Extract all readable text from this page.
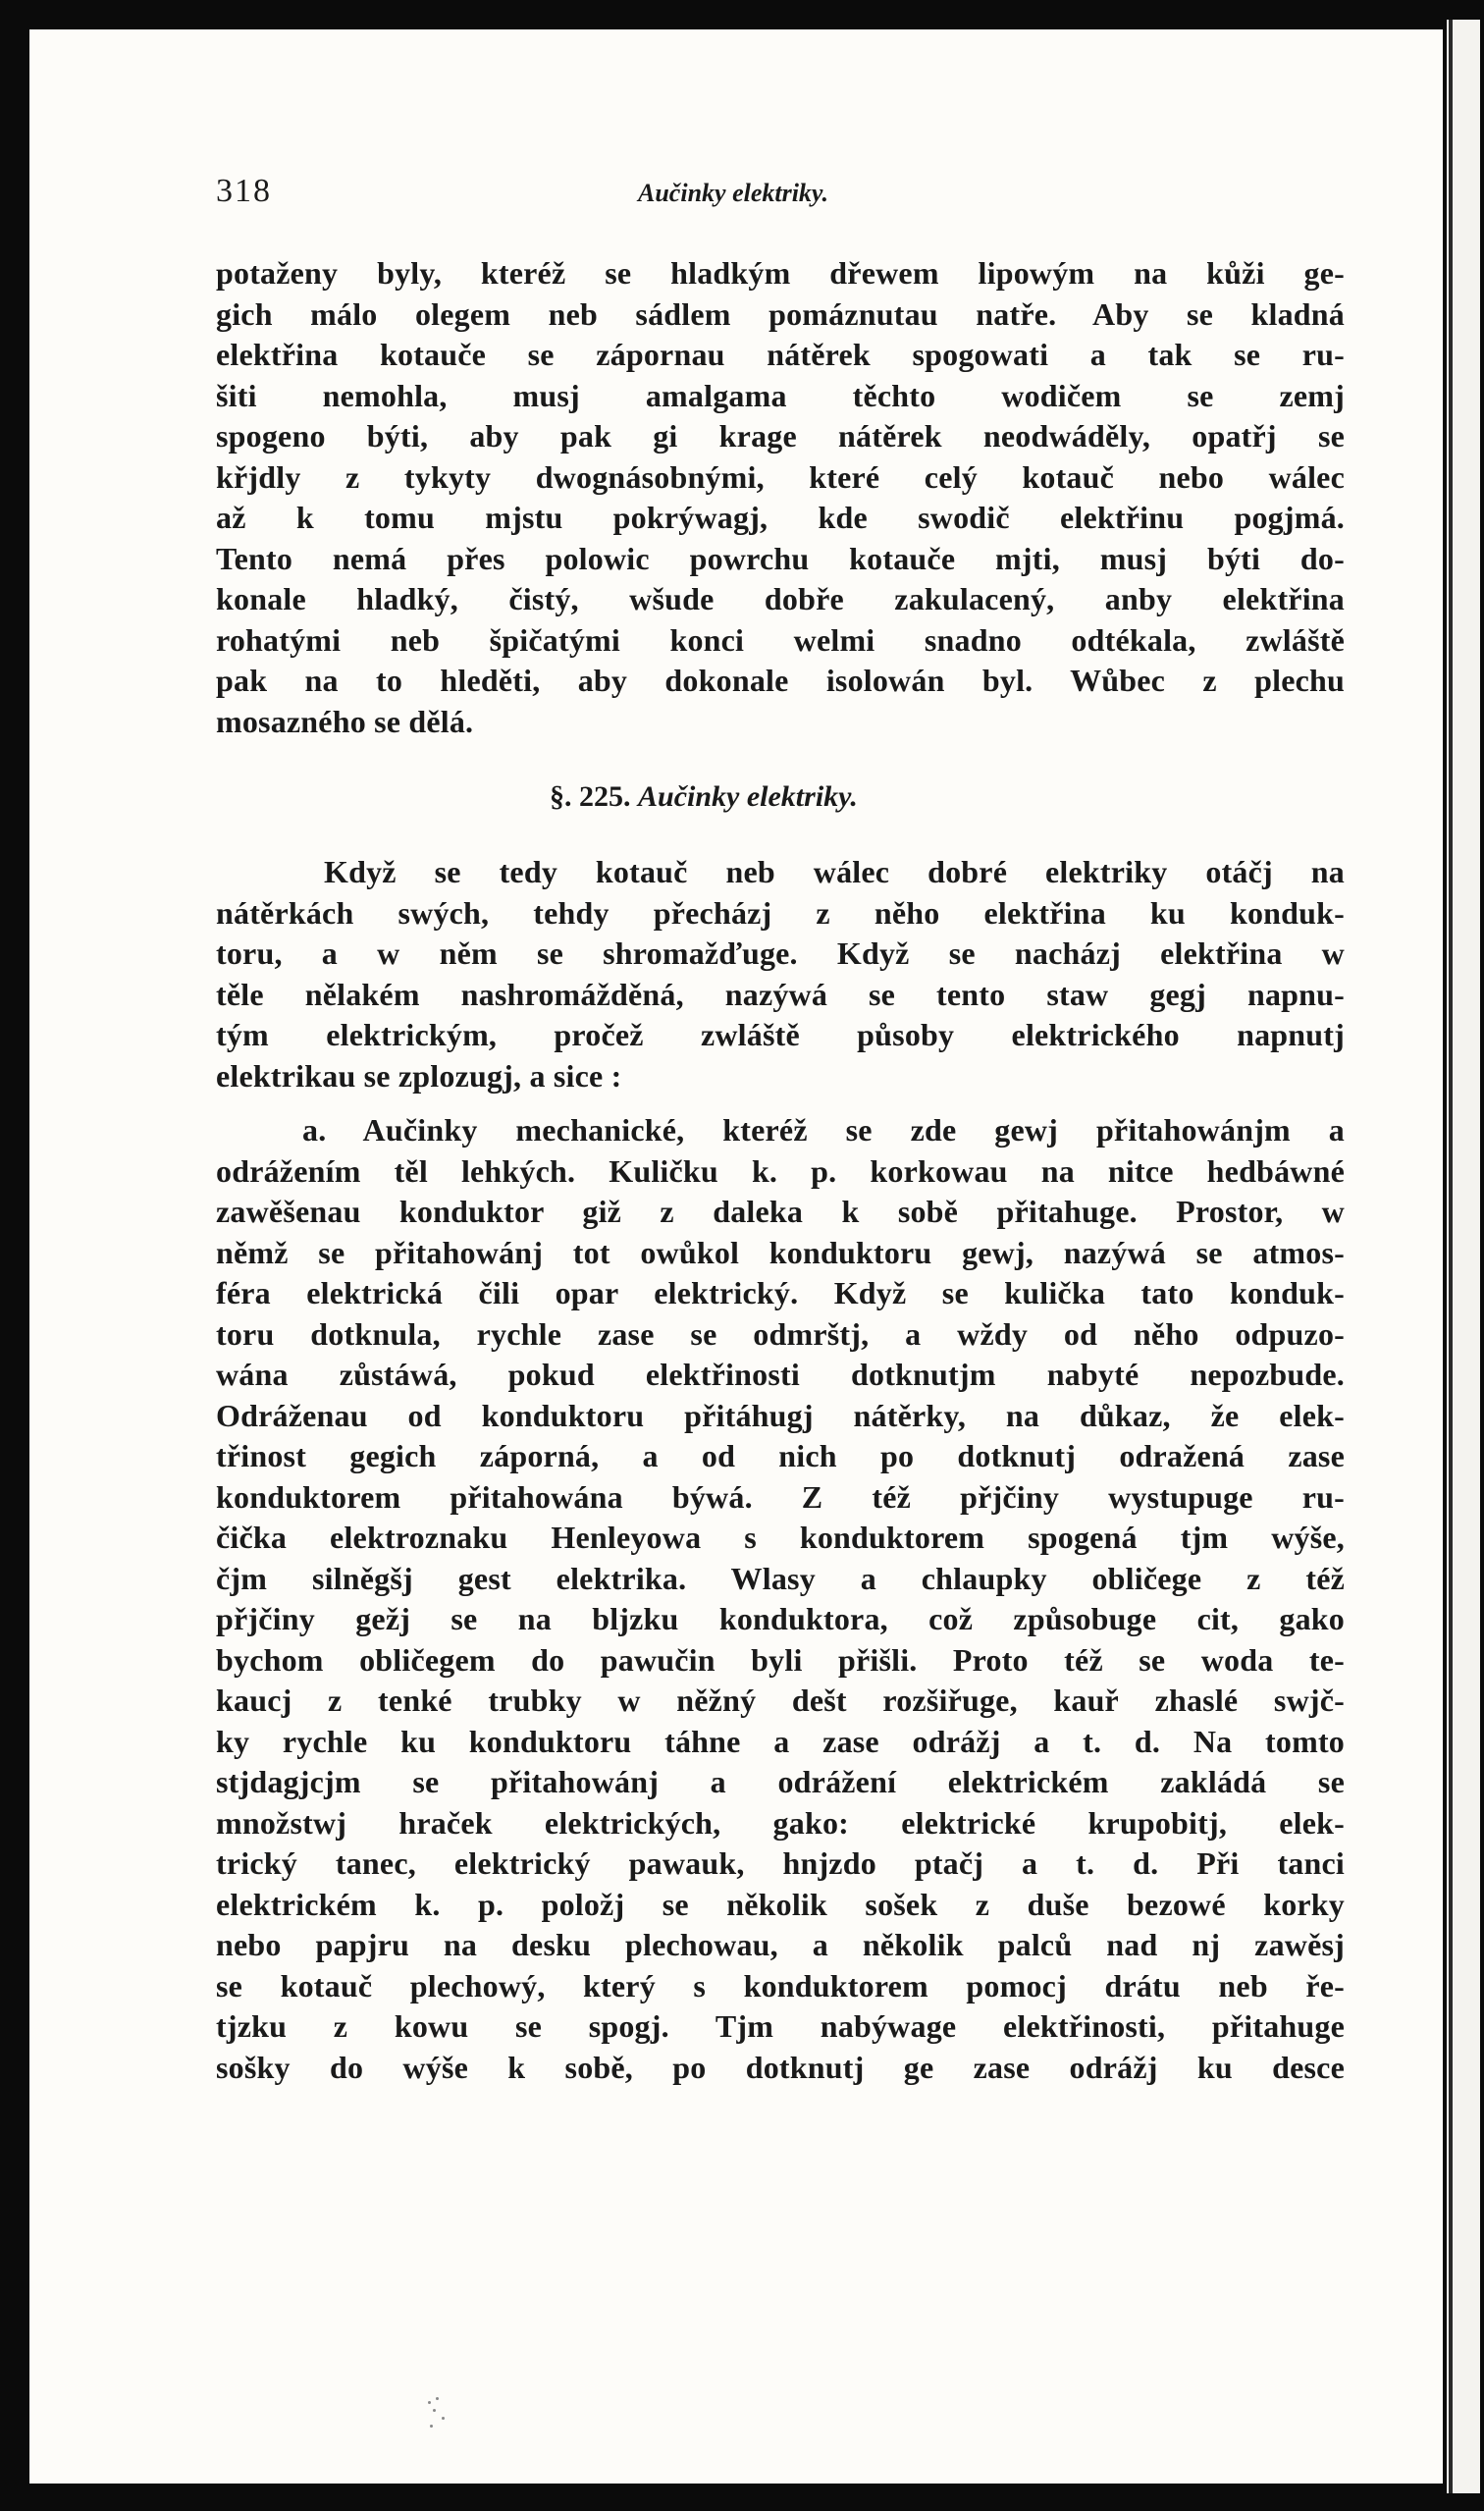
318	Aučinky elektriky.
potaženy byly, kteréž se hladkým dřewem lipowým na kůži ge-
gich málo olegem neb sádlem pomáznutau natře. Aby se kladná
elektřina kotauče se zápornau nátěrek spogowati a tak se ru-
šiti nemohla, musj amalgama těchto wodičem se zemj
spogeno býti, aby pak gi krage nátěrek neodwáděly, opatřj se
křjdly z tykyty dwognásobnými, které celý kotauč nebo wálec
až k tomu mjstu pokrýwagj, kde swodič elektřinu pogjmá.
Tento nemá přes polowic powrchu kotauče mjti, musj býti do-
konale hladký, čistý, wšude dobře zakulacený, anby elektřina
rohatými neb špičatými konci welmi snadno odtékala, zwláště
pak na to hleděti, aby dokonale isolowán byl. Wůbec z plechu
mosazného se dělá.
§. 225. Aučinky elektriky.
Když se tedy kotauč neb wálec dobré elektriky otáčj na
nátěrkách swých, tehdy přecházj z něho elektřina ku konduk-
toru, a w něm se shromažďuge. Když se nacházj elektřina w
těle nělakém nashromážděná, nazýwá se tento staw gegj napnu-
tým elektrickým, pročež zwláště působy elektrického napnutj
elektrikau se zplozugj, a sice :
a. Aučinky mechanické, kteréž se zde gewj přitahowánjm a
odrážením těl lehkých. Kuličku k. p. korkowau na nitce hedbáwné
zawěšenau konduktor giž z daleka k sobě přitahuge. Prostor, w
němž se přitahowánj tot owůkol konduktoru gewj, nazýwá se atmos-
féra elektrická čili opar elektrický. Když se kulička tato konduk-
toru dotknula, rychle zase se odmrštj, a wždy od něho odpuzo-
wána zůstáwá, pokud elektřinosti dotknutjm nabyté nepozbude.
Odráženau od konduktoru přitáhugj nátěrky, na důkaz, že elek-
třinost gegich záporná, a od nich po dotknutj odražená zase
konduktorem přitahowána býwá. Z též přjčiny wystupuge ru-
čička elektroznaku Henleyowa s konduktorem spogená tjm wýše,
čjm silněgšj gest elektrika. Wlasy a chlaupky obličege z též
přjčiny gežj se na bljzku konduktora, což způsobuge cit, gako
bychom obličegem do pawučin byli přišli. Proto též se woda te-
kaucj z tenké trubky w něžný dešt rozšiřuge, kauř zhaslé swjč-
ky rychle ku konduktoru táhne a zase odrážj a t. d. Na tomto
stjdagjcjm se přitahowánj a odrážení elektrickém zakládá se
množstwj hraček elektrických, gako: elektrické krupobitj, elek-
trický tanec, elektrický pawauk, hnjzdo ptačj a t. d. Při tanci
elektrickém k. p. položj se několik sošek z duše bezowé korky
nebo papjru na desku plechowau, a několik palců nad nj zawěsj
se kotauč plechowý, který s konduktorem pomocj drátu neb ře-
tjzku z kowu se spogj. Tjm nabýwage elektřinosti, přitahuge
sošky do wýše k sobě, po dotknutj ge zase odrážj ku desce
